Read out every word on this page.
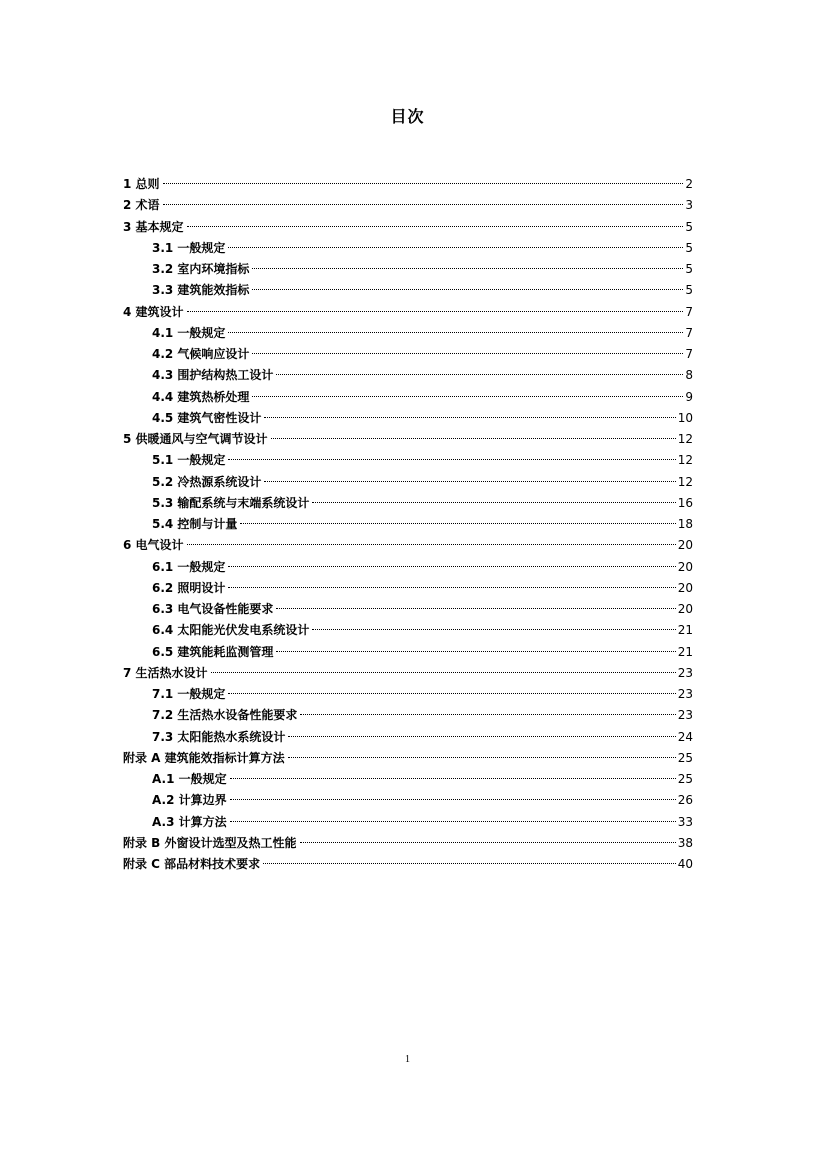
目次
1 总则	2
2 术语	3
3 基本规定	5
3.1 一般规定	5
3.2 室内环境指标	5
3.3 建筑能效指标	5
4 建筑设计	7
4.1 一般规定	7
4.2 气候响应设计	7
4.3 围护结构热工设计	8
4.4 建筑热桥处理	9
4.5 建筑气密性设计	10
5 供暖通风与空气调节设计	12
5.1 一般规定	12
5.2 冷热源系统设计	12
5.3 输配系统与末端系统设计	16
5.4 控制与计量	18
6 电气设计	20
6.1 一般规定	20
6.2 照明设计	20
6.3 电气设备性能要求	20
6.4 太阳能光伏发电系统设计	21
6.5 建筑能耗监测管理	21
7 生活热水设计	23
7.1 一般规定	23
7.2 生活热水设备性能要求	23
7.3 太阳能热水系统设计	24
附录 A 建筑能效指标计算方法	25
A.1 一般规定	25
A.2 计算边界	26
A.3 计算方法	33
附录 B 外窗设计选型及热工性能	38
附录 C 部品材料技术要求	40
1
